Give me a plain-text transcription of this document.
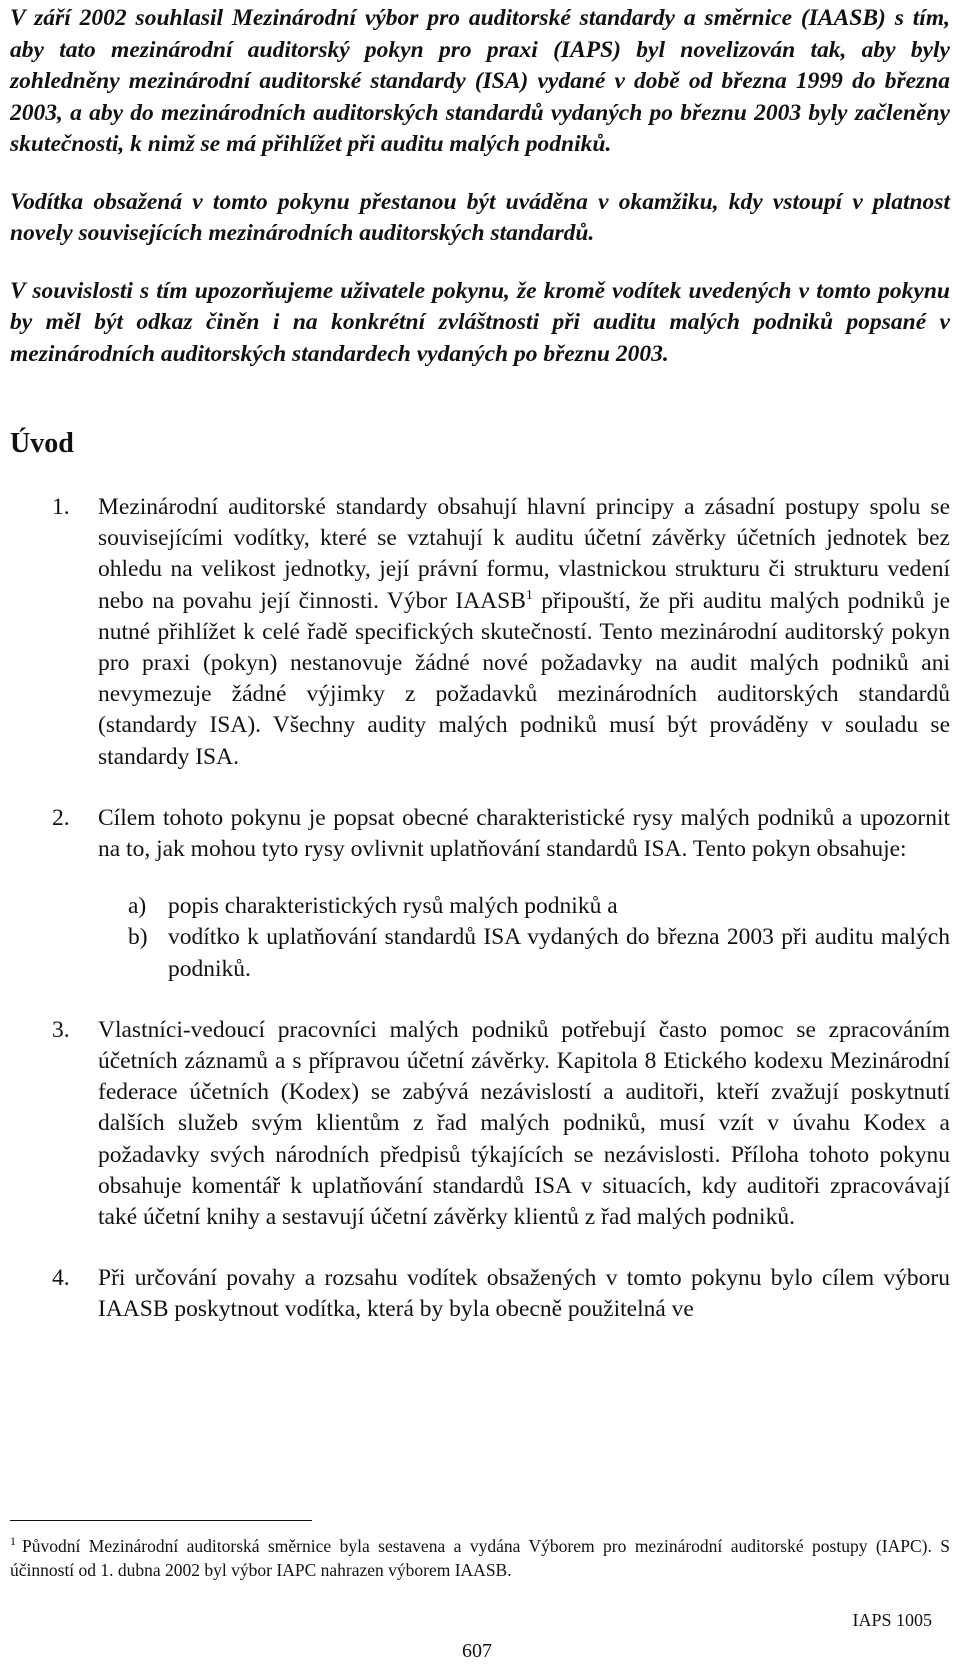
V září 2002 souhlasil Mezinárodní výbor pro auditorské standardy a směrnice (IAASB) s tím, aby tato mezinárodní auditorský pokyn pro praxi (IAPS) byl novelizován tak, aby byly zohledněny mezinárodní auditorské standardy (ISA) vydané v době od března 1999 do března 2003, a aby do mezinárodních auditorských standardů vydaných po březnu 2003 byly začleněny skutečnosti, k nimž se má přihlížet při auditu malých podniků.

Vodítka obsažená v tomto pokynu přestanou být uváděna v okamžiku, kdy vstoupí v platnost novely souvisejících mezinárodních auditorských standardů.

V souvislosti s tím upozorňujeme uživatele pokynu, že kromě vodítek uvedených v tomto pokynu by měl být odkaz činěn i na konkrétní zvláštnosti při auditu malých podniků popsané v mezinárodních auditorských standardech vydaných po březnu 2003.

Úvod
1. Mezinárodní auditorské standardy obsahují hlavní principy a zásadní postupy spolu se souvisejícími vodítky, které se vztahují k auditu účetní závěrky účetních jednotek bez ohledu na velikost jednotky, její právní formu, vlastnickou strukturu či strukturu vedení nebo na povahu její činnosti. Výbor IAASB$^1$ připouští, že při auditu malých podniků je nutné přihlížet k celé řadě specifických skutečností. Tento mezinárodní auditorský pokyn pro praxi (pokyn) nestanovuje žádné nové požadavky na audit malých podniků ani nevymezuje žádné výjimky z požadavků mezinárodních auditorských standardů (standardy ISA). Všechny audity malých podniků musí být prováděny v souladu se standardy ISA.
2. Cílem tohoto pokynu je popsat obecné charakteristické rysy malých podniků a upozornit na to, jak mohou tyto rysy ovlivnit uplatňování standardů ISA. Tento pokyn obsahuje:
a) popis charakteristických rysů malých podniků a
b) vodítko k uplatňování standardů ISA vydaných do března 2003 při auditu malých podniků.
3. Vlastníci-vedoucí pracovníci malých podniků potřebují často pomoc se zpracováním účetních záznamů a s přípravou účetní závěrky. Kapitola 8 Etického kodexu Mezinárodní federace účetních (Kodex) se zabývá nezávislostí a auditoři, kteří zvažují poskytnutí dalších služeb svým klientům z řad malých podniků, musí vzít v úvahu Kodex a požadavky svých národních předpisů týkajících se nezávislosti. Příloha tohoto pokynu obsahuje komentář k uplatňování standardů ISA v situacích, kdy auditoři zpracovávají také účetní knihy a sestavují účetní závěrky klientů z řad malých podniků.
4. Při určování povahy a rozsahu vodítek obsažených v tomto pokynu bylo cílem výboru IAASB poskytnout vodítka, která by byla obecně použitelná ve
$^1$ Původní Mezinárodní auditorská směrnice byla sestavena a vydána Výborem pro mezinárodní auditorské postupy (IAPC). S účinností od 1. dubna 2002 byl výbor IAPC nahrazen výborem IAASB.
IAPS 1005
607
